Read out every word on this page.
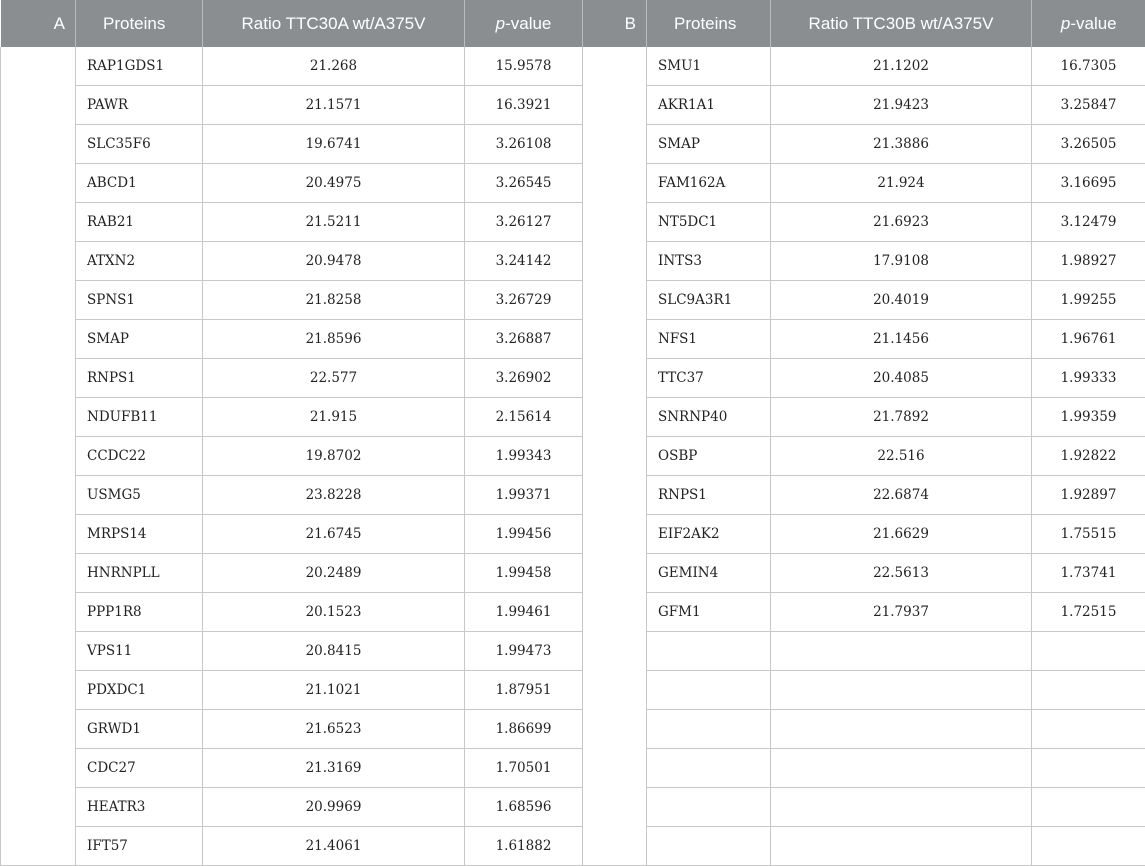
A	Proteins	Ratio TTC30A wt/A375V	p-value	B	Proteins	Ratio TTC30B wt/A375V	p-value
	RAP1GDS1	21.268	15.9578		SMU1	21.1202	16.7305
	PAWR	21.1571	16.3921		AKR1A1	21.9423	3.25847
	SLC35F6	19.6741	3.26108		SMAP	21.3886	3.26505
	ABCD1	20.4975	3.26545		FAM162A	21.924	3.16695
	RAB21	21.5211	3.26127		NT5DC1	21.6923	3.12479
	ATXN2	20.9478	3.24142		INTS3	17.9108	1.98927
	SPNS1	21.8258	3.26729		SLC9A3R1	20.4019	1.99255
	SMAP	21.8596	3.26887		NFS1	21.1456	1.96761
	RNPS1	22.577	3.26902		TTC37	20.4085	1.99333
	NDUFB11	21.915	2.15614		SNRNP40	21.7892	1.99359
	CCDC22	19.8702	1.99343		OSBP	22.516	1.92822
	USMG5	23.8228	1.99371		RNPS1	22.6874	1.92897
	MRPS14	21.6745	1.99456		EIF2AK2	21.6629	1.75515
	HNRNPLL	20.2489	1.99458		GEMIN4	22.5613	1.73741
	PPP1R8	20.1523	1.99461		GFM1	21.7937	1.72515
	VPS11	20.8415	1.99473				
	PDXDC1	21.1021	1.87951				
	GRWD1	21.6523	1.86699				
	CDC27	21.3169	1.70501				
	HEATR3	20.9969	1.68596				
	IFT57	21.4061	1.61882				
